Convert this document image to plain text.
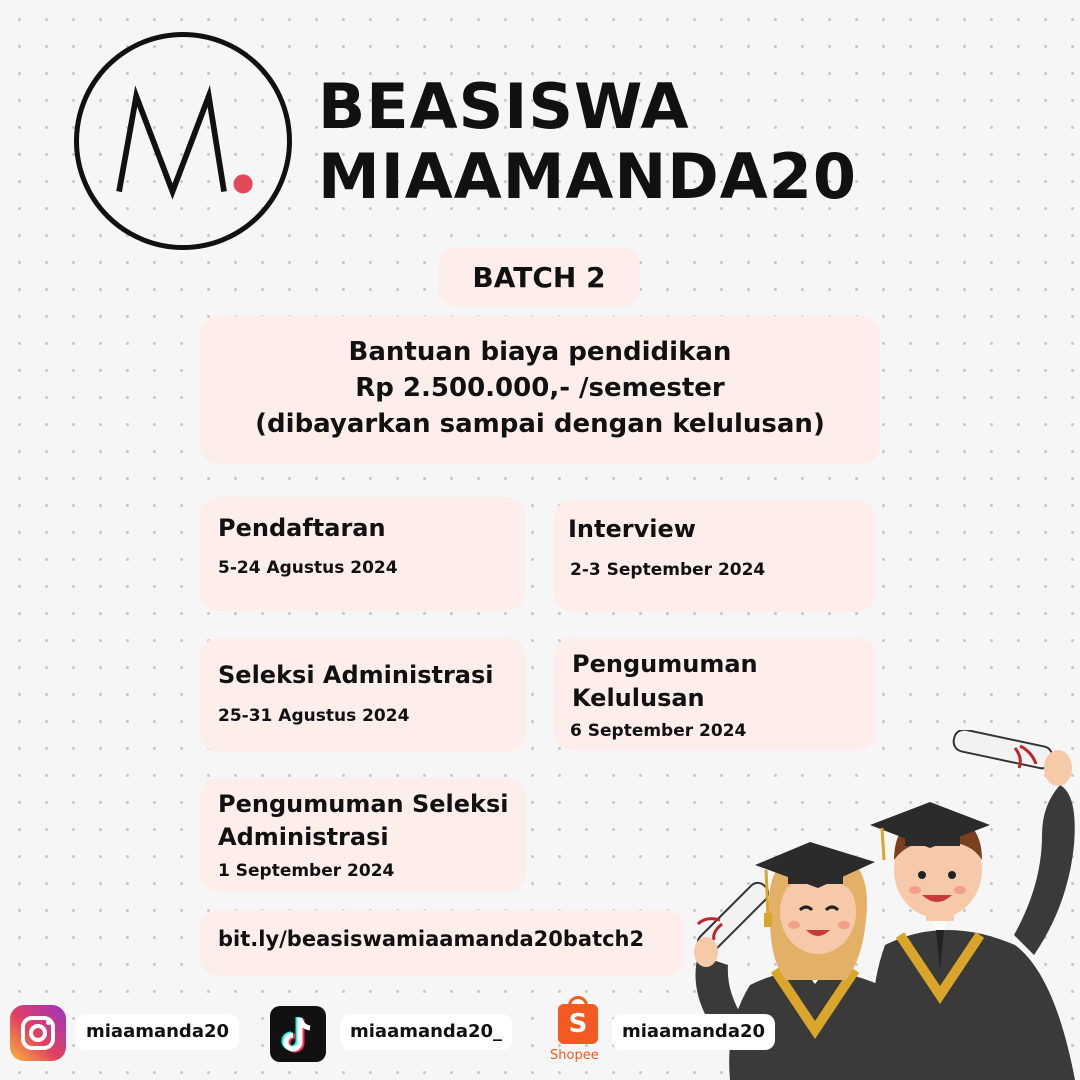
BEASISWA
MIAAMANDA20
BATCH 2
Bantuan biaya pendidikan
Rp 2.500.000,- /semester
(dibayarkan sampai dengan kelulusan)
Pendaftaran
5-24 Agustus 2024
Interview
2-3 September 2024
Seleksi Administrasi
25-31 Agustus 2024
Pengumuman
Kelulusan
6 September 2024
Pengumuman Seleksi
Administrasi
1 September 2024
bit.ly/beasiswamiaamanda20batch2
miaamanda20	miaamanda20_	S
Shopee
miaamanda20
